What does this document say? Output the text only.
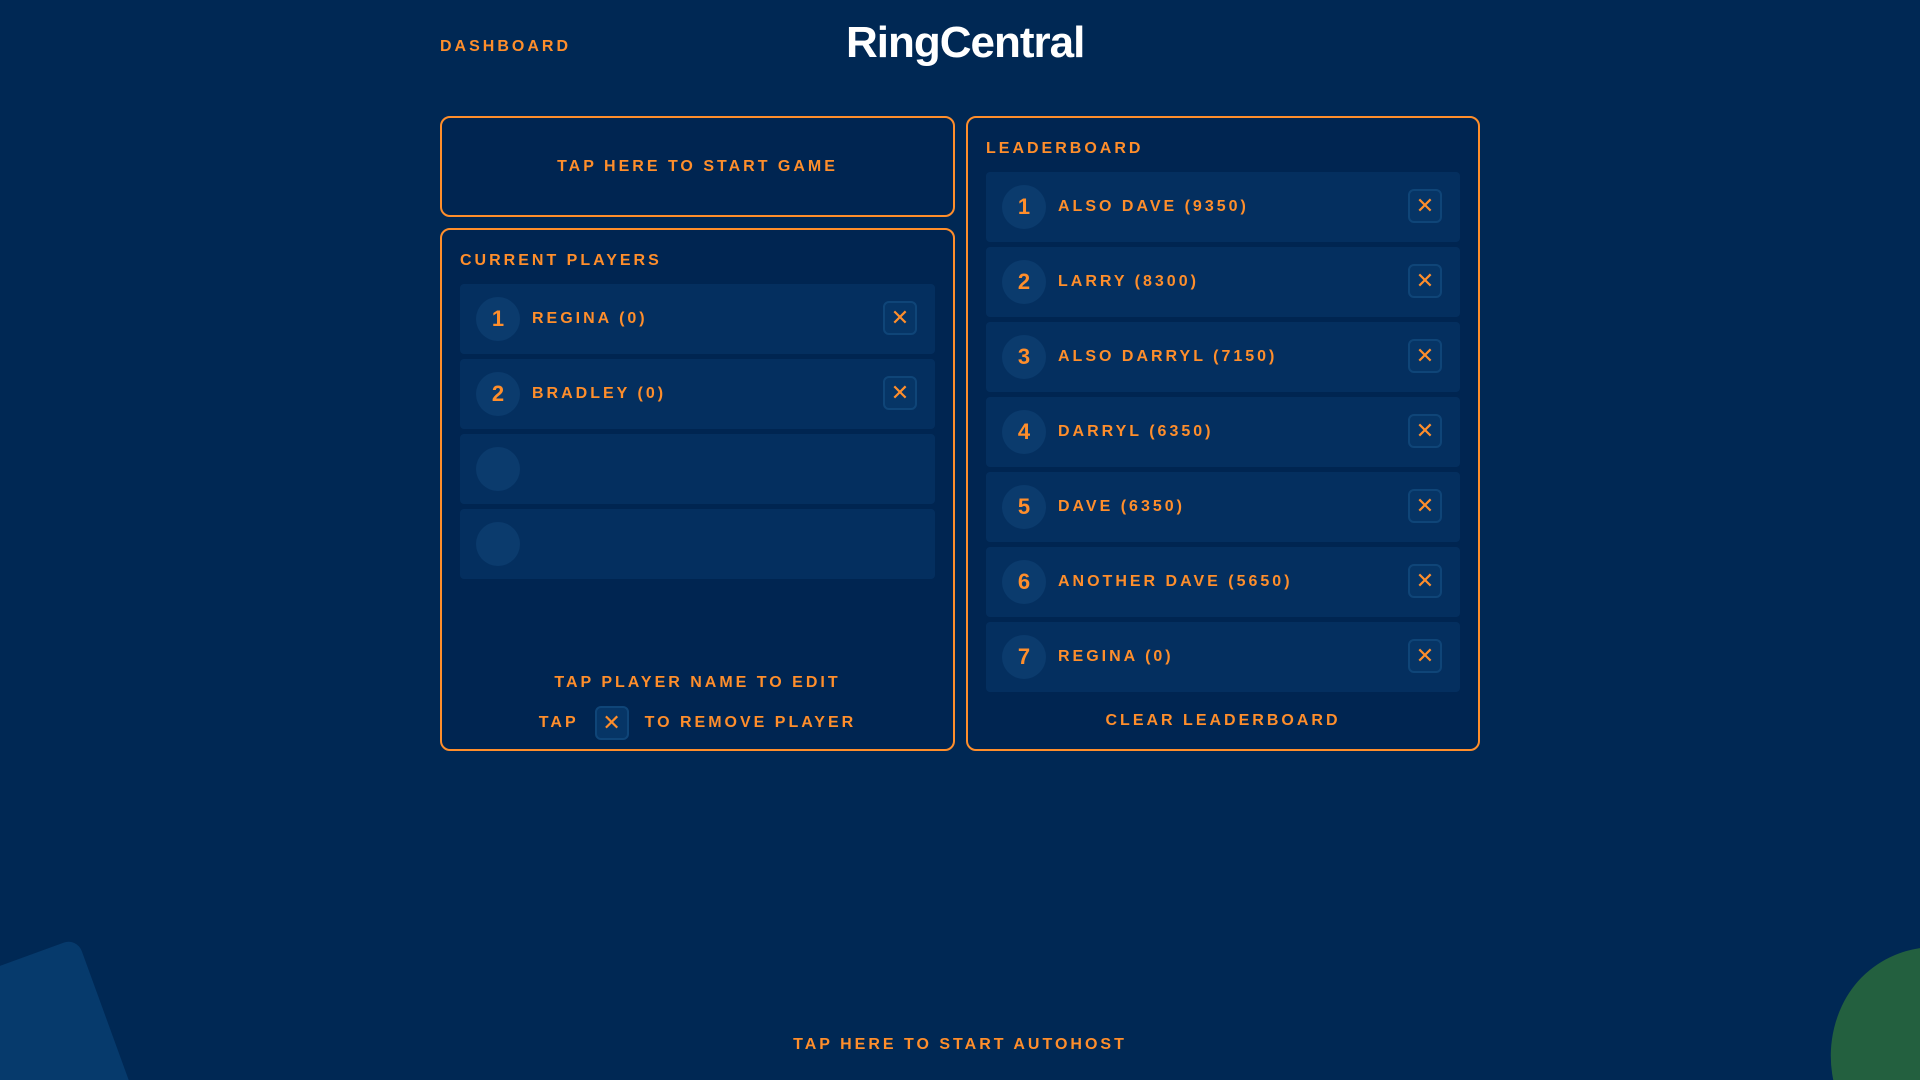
DASHBOARD	RingCentral
TAP HERE TO START GAME
CURRENT PLAYERS
1	REGINA (0)	✕
2	BRADLEY (0)	✕
TAP PLAYER NAME TO EDIT
TAP	✕	TO REMOVE PLAYER
LEADERBOARD
1	ALSO DAVE (9350)	✕
2	LARRY (8300)	✕
3	ALSO DARRYL (7150)	✕
4	DARRYL (6350)	✕
5	DAVE (6350)	✕
6	ANOTHER DAVE (5650)	✕
7	REGINA (0)	✕
CLEAR LEADERBOARD
TAP HERE TO START AUTOHOST
